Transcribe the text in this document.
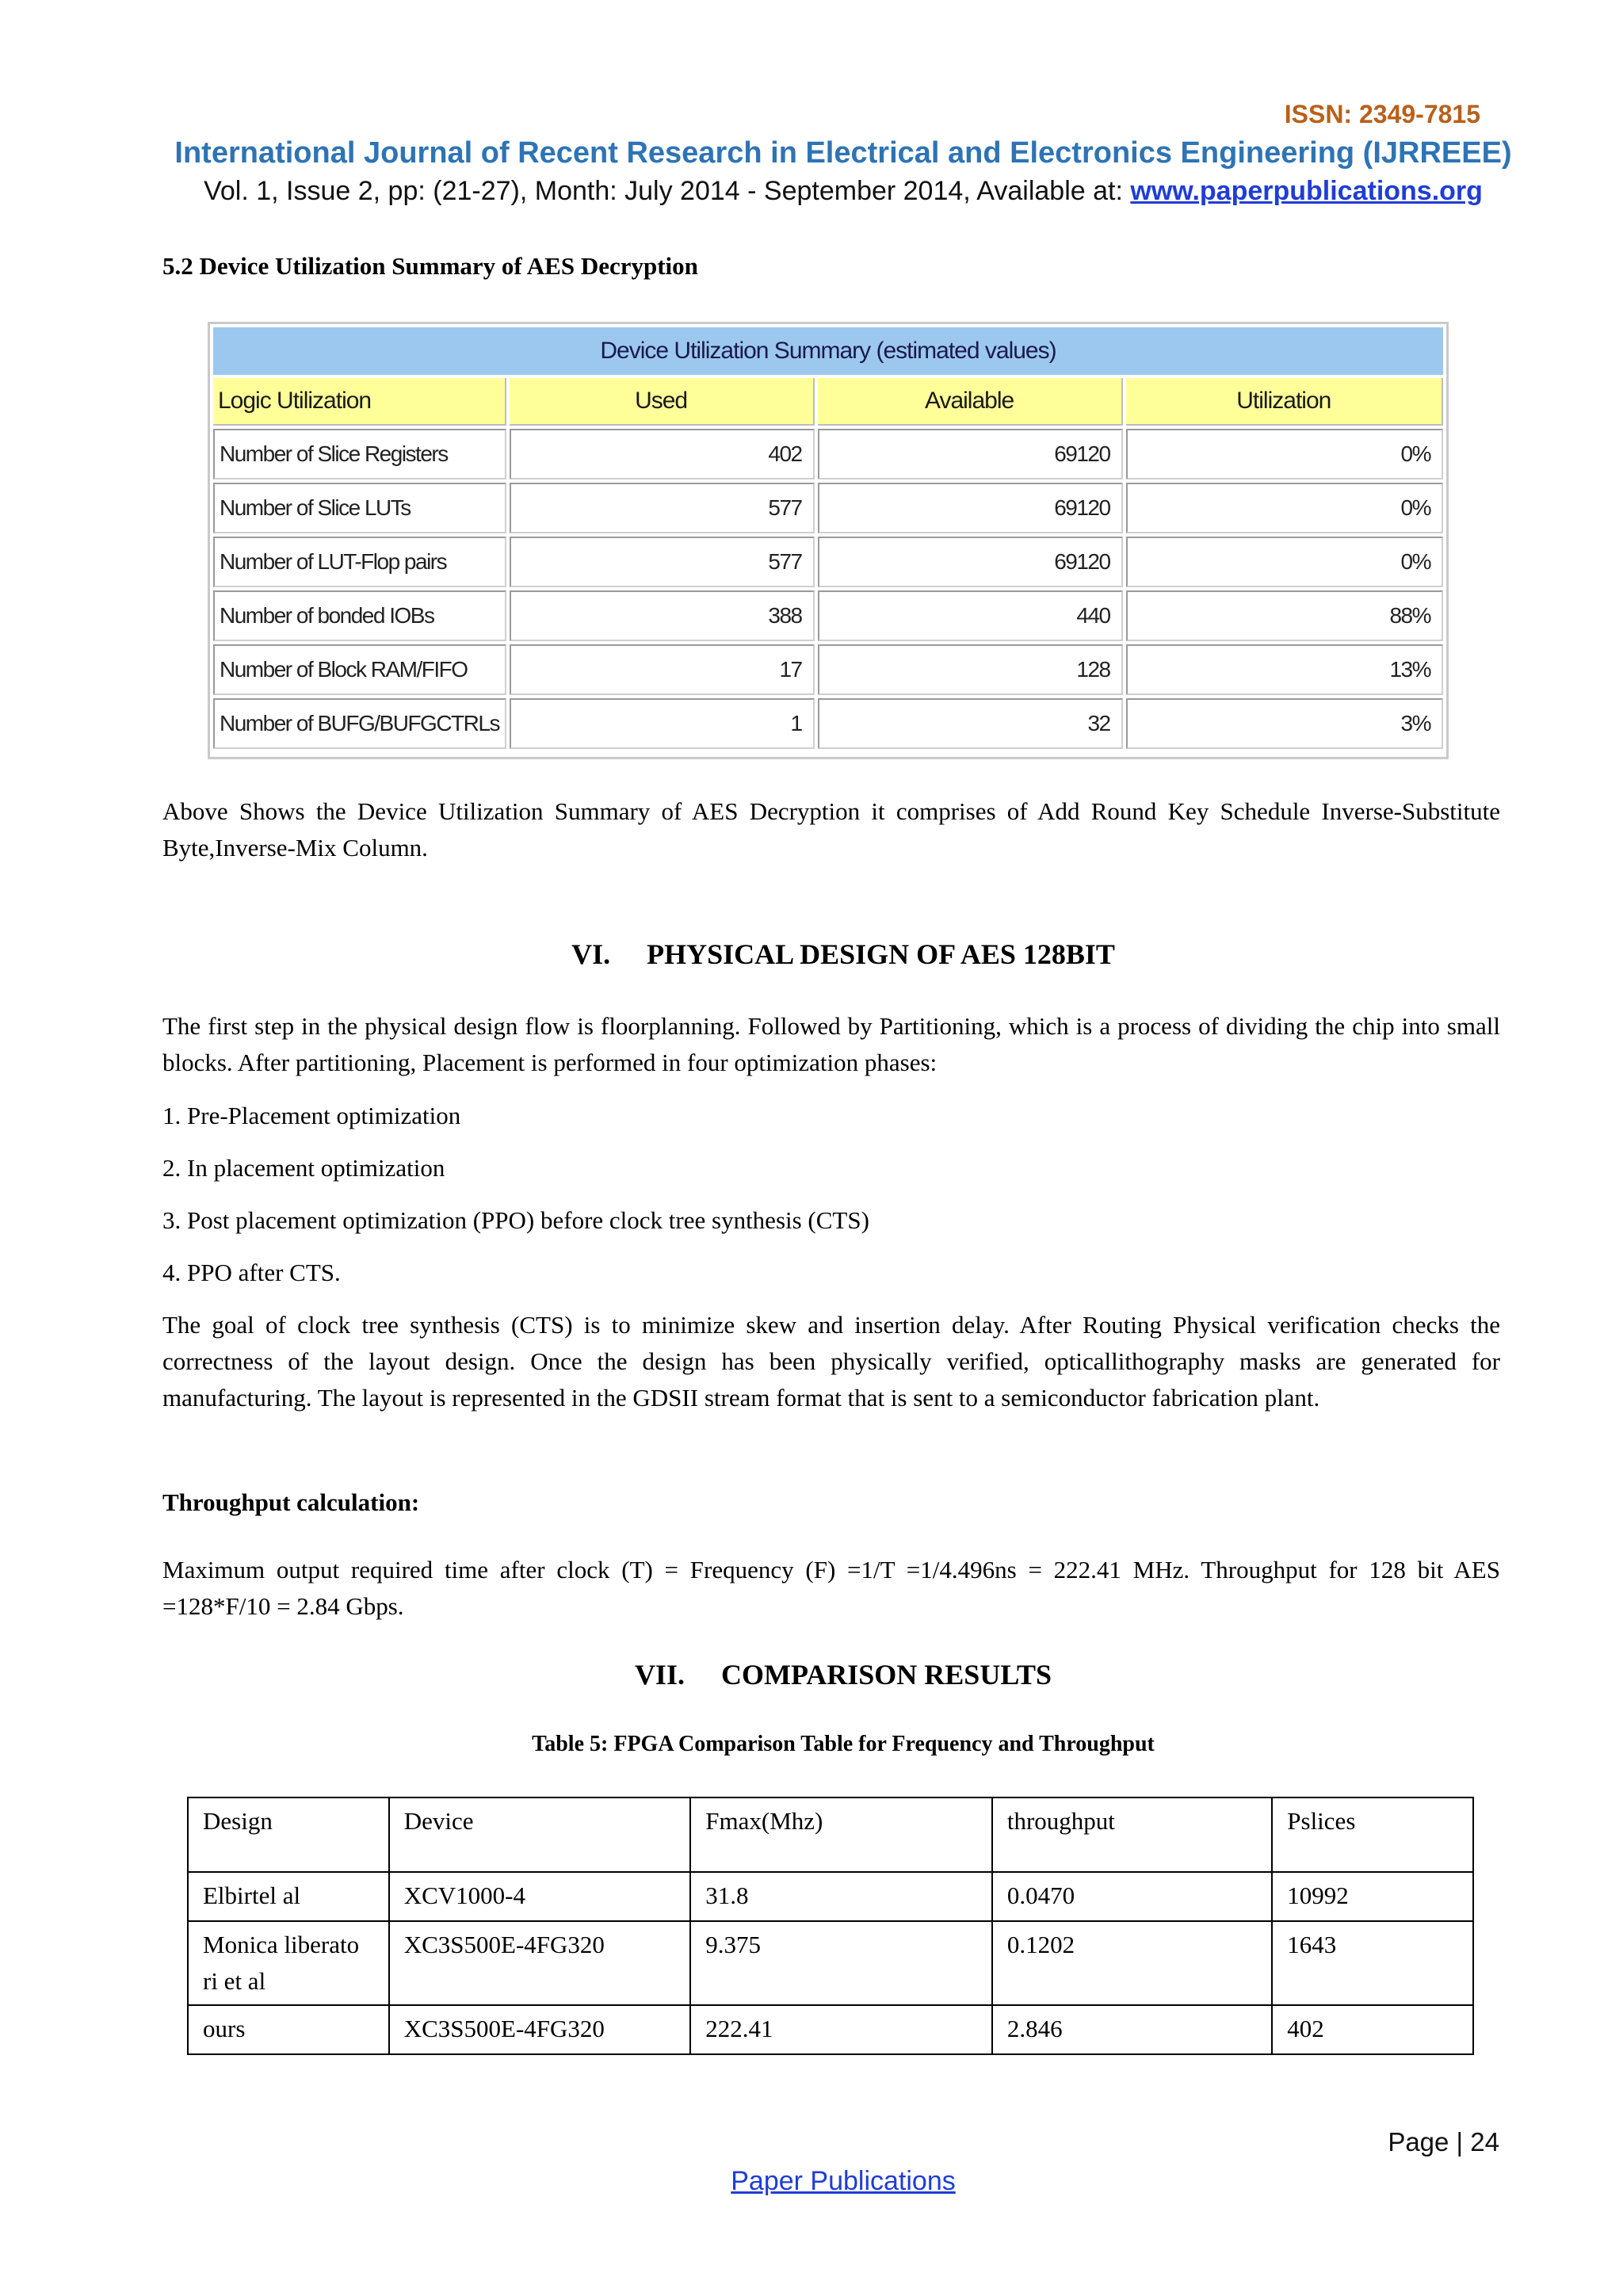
ISSN: 2349-7815
International Journal of Recent Research in Electrical and Electronics Engineering (IJRREEE)
Vol. 1, Issue 2, pp: (21-27), Month: July 2014 - September 2014, Available at: www.paperpublications.org
5.2 Device Utilization Summary of AES Decryption
Device Utilization Summary (estimated values)			
Logic Utilization	Used	Available	Utilization
Number of Slice Registers	402	69120	0%
Number of Slice LUTs	577	69120	0%
Number of LUT-Flop pairs	577	69120	0%
Number of bonded IOBs	388	440	88%
Number of Block RAM/FIFO	17	128	13%
Number of BUFG/BUFGCTRLs	1	32	3%

Above Shows the Device Utilization Summary of AES Decryption it comprises of Add Round Key Schedule Inverse-Substitute Byte,Inverse-Mix Column.

VI. PHYSICAL DESIGN OF AES 128BIT

The first step in the physical design flow is floorplanning. Followed by Partitioning, which is a process of dividing the chip into small blocks. After partitioning, Placement is performed in four optimization phases:

1. Pre-Placement optimization

2. In placement optimization

3. Post placement optimization (PPO) before clock tree synthesis (CTS)

4. PPO after CTS.

The goal of clock tree synthesis (CTS) is to minimize skew and insertion delay. After Routing Physical verification checks the correctness of the layout design. Once the design has been physically verified, opticallithography masks are generated for manufacturing. The layout is represented in the GDSII stream format that is sent to a semiconductor fabrication plant.

Throughput calculation:

Maximum output required time after clock (T) = Frequency (F) =1/T =1/4.496ns = 222.41 MHz. Throughput for 128 bit AES =128*F/10 = 2.84 Gbps.

VII. COMPARISON RESULTS
Table 5: FPGA Comparison Table for Frequency and Throughput
Design	Device	Fmax(Mhz)	throughput	Pslices
Elbirtel al	XCV1000-4	31.8	0.0470	10992
Monica liberato ri et al	XC3S500E-4FG320	9.375	0.1202	1643
ours	XC3S500E-4FG320	222.41	2.846	402
Page | 24
Paper Publications
